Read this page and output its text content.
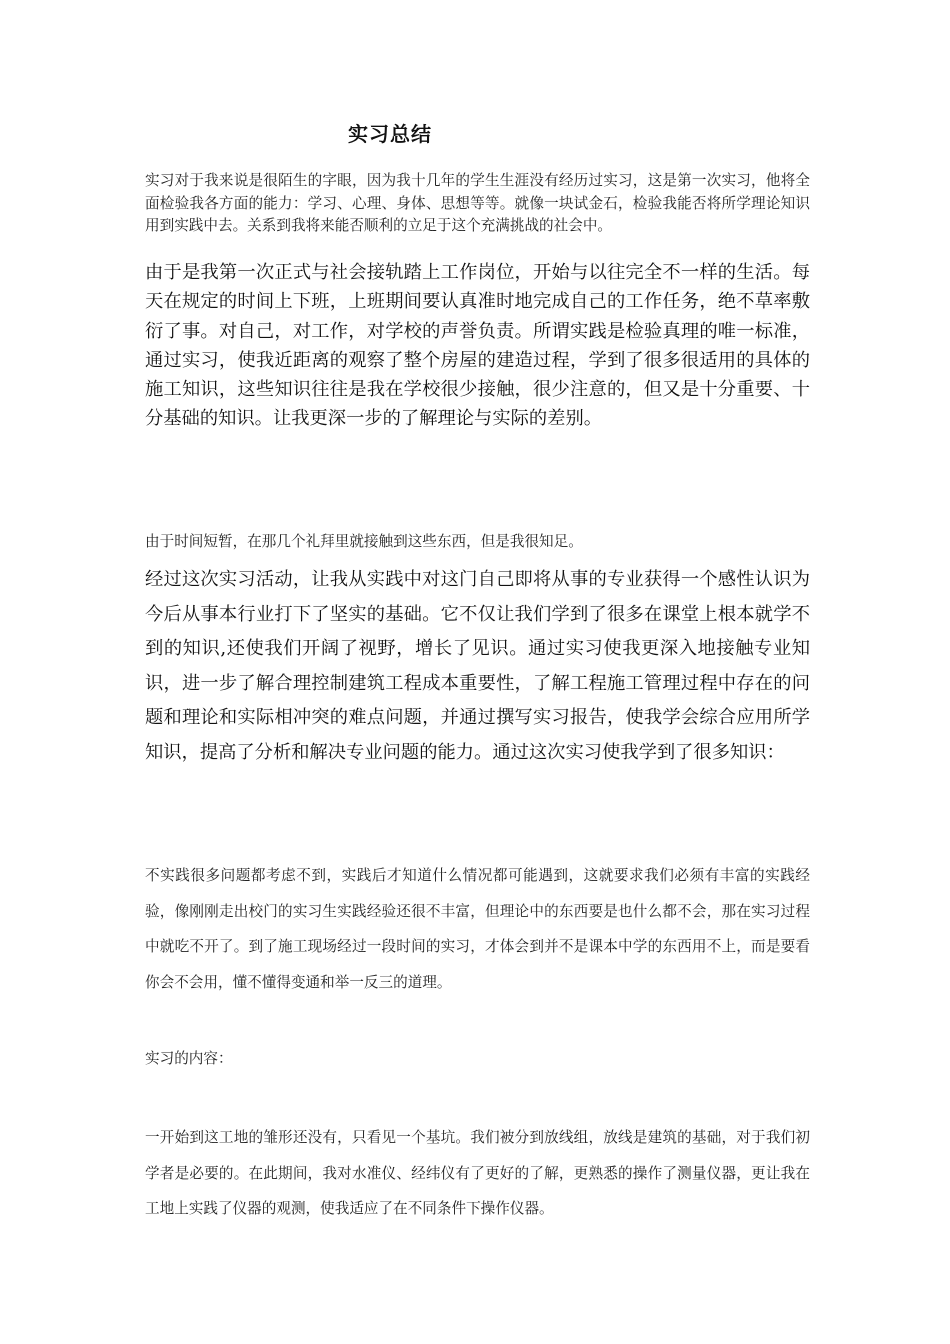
实习总结

实习对于我来说是很陌生的字眼，因为我十几年的学生生涯没有经历过实习，这是第一次实习，他将全面检验我各方面的能力：学习、心理、身体、思想等等。就像一块试金石，检验我能否将所学理论知识用到实践中去。关系到我将来能否顺利的立足于这个充满挑战的社会中。

由于是我第一次正式与社会接轨踏上工作岗位，开始与以往完全不一样的生活。每天在规定的时间上下班，上班期间要认真准时地完成自己的工作任务，绝不草率敷衍了事。对自己，对工作，对学校的声誉负责。所谓实践是检验真理的唯一标准，通过实习，使我近距离的观察了整个房屋的建造过程，学到了很多很适用的具体的施工知识，这些知识往往是我在学校很少接触，很少注意的，但又是十分重要、十分基础的知识。让我更深一步的了解理论与实际的差别。

由于时间短暂，在那几个礼拜里就接触到这些东西，但是我很知足。

经过这次实习活动，让我从实践中对这门自己即将从事的专业获得一个感性认识为今后从事本行业打下了坚实的基础。它不仅让我们学到了很多在课堂上根本就学不到的知识,还使我们开阔了视野，增长了见识。通过实习使我更深入地接触专业知识，进一步了解合理控制建筑工程成本重要性，了解工程施工管理过程中存在的问题和理论和实际相冲突的难点问题，并通过撰写实习报告，使我学会综合应用所学知识，提高了分析和解决专业问题的能力。通过这次实习使我学到了很多知识：

不实践很多问题都考虑不到，实践后才知道什么情况都可能遇到，这就要求我们必须有丰富的实践经验，像刚刚走出校门的实习生实践经验还很不丰富，但理论中的东西要是也什么都不会，那在实习过程中就吃不开了。到了施工现场经过一段时间的实习，才体会到并不是课本中学的东西用不上，而是要看你会不会用，懂不懂得变通和举一反三的道理。

实习的内容：

一开始到这工地的雏形还没有，只看见一个基坑。我们被分到放线组，放线是建筑的基础，对于我们初学者是必要的。在此期间，我对水准仪、经纬仪有了更好的了解，更熟悉的操作了测量仪器，更让我在工地上实践了仪器的观测，使我适应了在不同条件下操作仪器。
